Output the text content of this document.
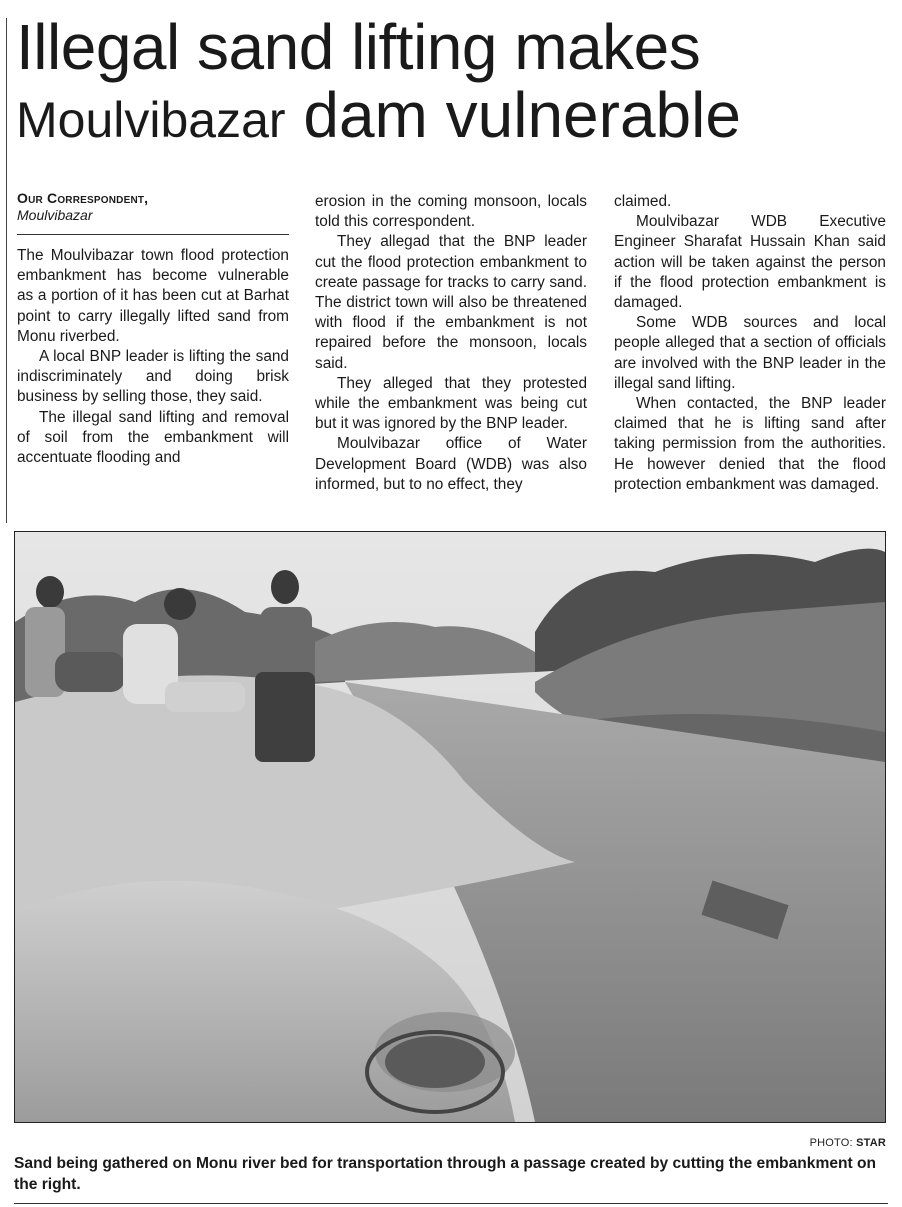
Illegal sand lifting makes
Moulvibazar dam vulnerable
Our Correspondent,
Moulvibazar

The Moulvibazar town flood protection embankment has become vulnerable as a portion of it has been cut at Barhat point to carry illegally lifted sand from Monu riverbed.

A local BNP leader is lifting the sand indiscriminately and doing brisk business by selling those, they said.

The illegal sand lifting and removal of soil from the embankment will accentuate flooding and

erosion in the coming monsoon, locals told this correspondent.

They allegad that the BNP leader cut the flood protection embankment to create passage for tracks to carry sand. The district town will also be threatened with flood if the embankment is not repaired before the monsoon, locals said.

They alleged that they protested while the embankment was being cut but it was ignored by the BNP leader.

Moulvibazar office of Water Development Board (WDB) was also informed, but to no effect, they

claimed.

Moulvibazar WDB Executive Engineer Sharafat Hussain Khan said action will be taken against the person if the flood protection embankment is damaged.

Some WDB sources and local people alleged that a section of officials are involved with the BNP leader in the illegal sand lifting.

When contacted, the BNP leader claimed that he is lifting sand after taking permission from the authorities. He however denied that the flood protection embankment was damaged.

PHOTO: STAR

Sand being gathered on Monu river bed for transportation through a passage created by cutting the embankment on the right.
